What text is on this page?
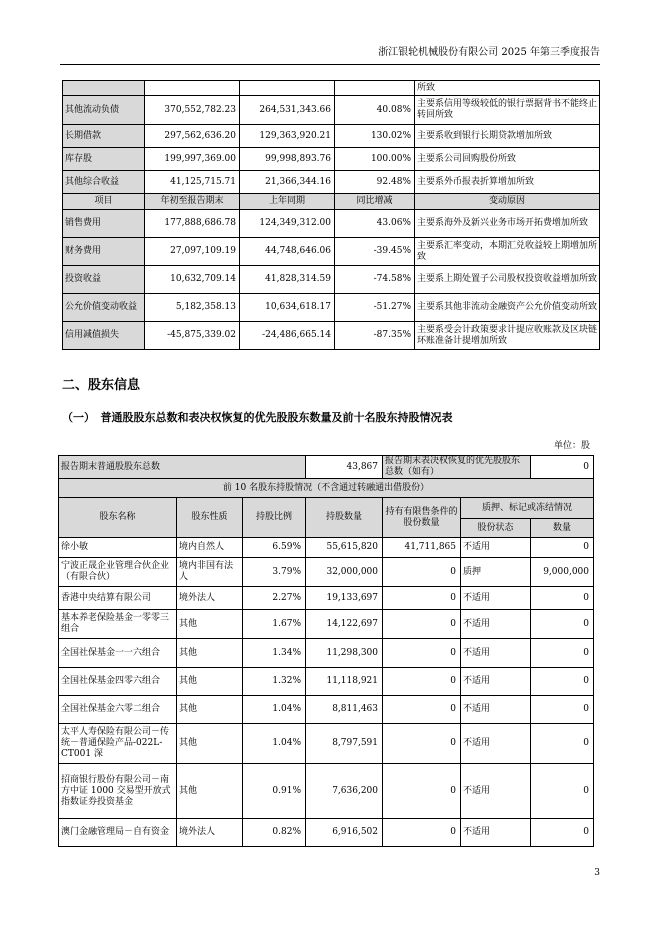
浙江银轮机械股份有限公司 2025 年第三季度报告
				所致
其他流动负债	370,552,782.23	264,531,343.66	40.08%	主要系信用等级较低的银行票据背书不能终止转回所致
长期借款	297,562,636.20	129,363,920.21	130.02%	主要系收到银行长期贷款增加所致
库存股	199,997,369.00	99,998,893.76	100.00%	主要系公司回购股份所致
其他综合收益	41,125,715.71	21,366,344.16	92.48%	主要系外币报表折算增加所致
项目	年初至报告期末	上年同期	同比增减	变动原因
销售费用	177,888,686.78	124,349,312.00	43.06%	主要系海外及新兴业务市场开拓费增加所致
财务费用	27,097,109.19	44,748,646.06	-39.45%	主要系汇率变动，本期汇兑收益较上期增加所致
投资收益	10,632,709.14	41,828,314.59	-74.58%	主要系上期处置子公司股权投资收益增加所致
公允价值变动收益	5,182,358.13	10,634,618.17	-51.27%	主要系其他非流动金融资产公允价值变动所致
信用减值损失	-45,875,339.02	-24,486,665.14	-87.35%	主要系受会计政策要求计提应收账款及区块链环账准备计提增加所致
二、股东信息
（一）　普通股股东总数和表决权恢复的优先股股东数量及前十名股东持股情况表
单位：股
报告期末普通股股东总数			43,867	报告期末表决权恢复的优先股股东总数（如有）		0
前 10 名股东持股情况（不含通过转融通出借股份）						
股东名称	股东性质	持股比例	持股数量	持有有限售条件的股份数量	质押、标记或冻结情况	
					股份状态	数量
徐小敏	境内自然人	6.59%	55,615,820	41,711,865	不适用	0
宁波正晟企业管理合伙企业（有限合伙）	境内非国有法人	3.79%	32,000,000	0	质押	9,000,000
香港中央结算有限公司	境外法人	2.27%	19,133,697	0	不适用	0
基本养老保险基金一零零三组合	其他	1.67%	14,122,697	0	不适用	0
全国社保基金一一六组合	其他	1.34%	11,298,300	0	不适用	0
全国社保基金四零六组合	其他	1.32%	11,118,921	0	不适用	0
全国社保基金六零二组合	其他	1.04%	8,811,463	0	不适用	0
太平人寿保险有限公司－传统－普通保险产品-022L-CT001 深	其他	1.04%	8,797,591	0	不适用	0
招商银行股份有限公司－南方中证 1000 交易型开放式指数证券投资基金	其他	0.91%	7,636,200	0	不适用	0
澳门金融管理局－自有资金	境外法人	0.82%	6,916,502	0	不适用	0
3
